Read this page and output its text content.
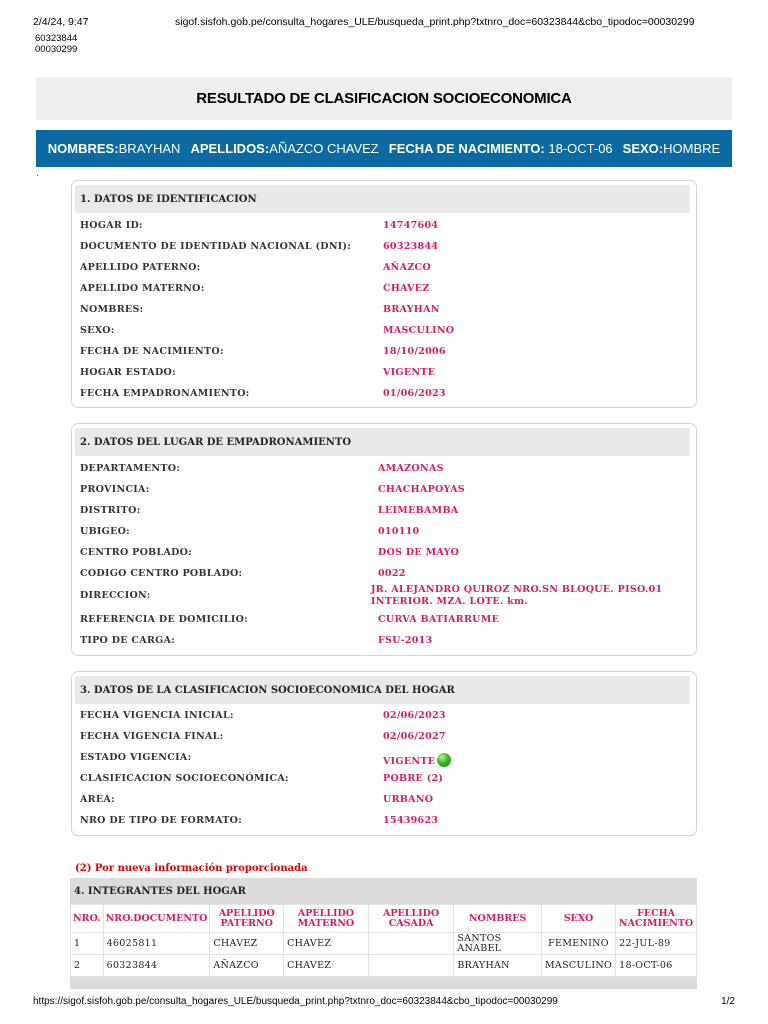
2/4/24, 9:47	sigof.sisfoh.gob.pe/consulta_hogares_ULE/busqueda_print.php?txtnro_doc=60323844&cbo_tipodoc=00030299
60323844
00030299
RESULTADO DE CLASIFICACION SOCIOECONOMICA
NOMBRES:BRAYHAN APELLIDOS:AÑAZCO CHAVEZ FECHA DE NACIMIENTO: 18-OCT-06 SEXO:HOMBRE
·
1. DATOS DE IDENTIFICACION
HOGAR ID:	14747604
DOCUMENTO DE IDENTIDAD NACIONAL (DNI):	60323844
APELLIDO PATERNO:	AÑAZCO
APELLIDO MATERNO:	CHAVEZ
NOMBRES:	BRAYHAN
SEXO:	MASCULINO
FECHA DE NACIMIENTO:	18/10/2006
HOGAR ESTADO:	VIGENTE
FECHA EMPADRONAMIENTO:	01/06/2023
2. DATOS DEL LUGAR DE EMPADRONAMIENTO
DEPARTAMENTO:	AMAZONAS
PROVINCIA:	CHACHAPOYAS
DISTRITO:	LEIMEBAMBA
UBIGEO:	010110
CENTRO POBLADO:	DOS DE MAYO
CODIGO CENTRO POBLADO:	0022
DIRECCION:
JR. ALEJANDRO QUIROZ NRO.SN BLOQUE. PISO.01
INTERIOR. MZA. LOTE. km.
REFERENCIA DE DOMICILIO:	CURVA BATIARRUME
TIPO DE CARGA:	FSU-2013
3. DATOS DE LA CLASIFICACION SOCIOECONOMICA DEL HOGAR
FECHA VIGENCIA INICIAL:	02/06/2023
FECHA VIGENCIA FINAL:	02/06/2027
ESTADO VIGENCIA:	VIGENTE
CLASIFICACION SOCIOECONÓMICA:	POBRE (2)
AREA:	URBANO
NRO DE TIPO DE FORMATO:	15439623
(2) Por nueva información proporcionada
4. INTEGRANTES DEL HOGAR
NRO.	NRO.DOCUMENTO	APELLIDO PATERNO	APELLIDO MATERNO	APELLIDO CASADA	NOMBRES	SEXO	FECHA NACIMIENTO
1	46025811	CHAVEZ	CHAVEZ		SANTOS ANABEL	FEMENINO	22-JUL-89
2	60323844	AÑAZCO	CHAVEZ		BRAYHAN	MASCULINO	18-OCT-06
https://sigof.sisfoh.gob.pe/consulta_hogares_ULE/busqueda_print.php?txtnro_doc=60323844&cbo_tipodoc=00030299	1/2
